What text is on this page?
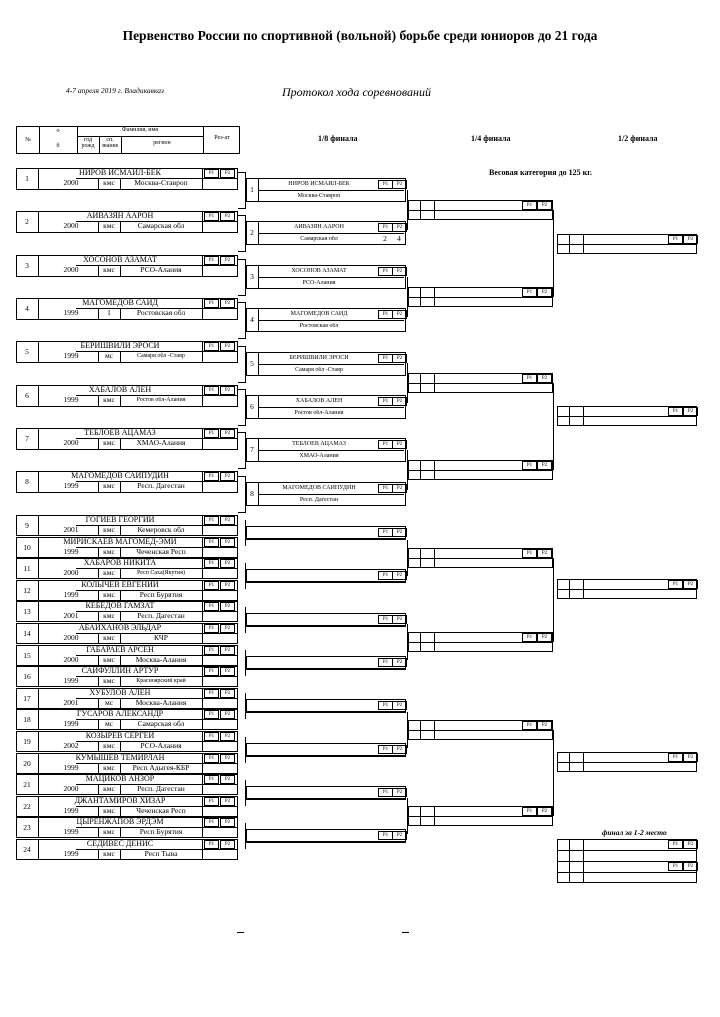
Первенство России по спортивной (вольной) борьбе среди юниоров до 21 года
4-7 апреля 2019 г. Владикавказ	Протокол хода соревнований
№
о
б
Фамилия, имя
год рожд
сп. звание	регион
Рез-ат	1/8 финала	1/4 финала	1/2 финала
Весовая категория до 125 кг.
финал за 1-2 место
1
НИРОВ ИСМАИЛ-БЕК
2000	кмс	Москва-Ставроп
Р1	Р2
2
АЙВАЗЯН ААРОН
2000	кмс	Самарская обл
Р1	Р2
3
ХОСОНОВ АЗАМАТ
2000	кмс	РСО-Алания
Р1	Р2
4
МАГОМЕДОВ САИД
1999	1	Ростовская обл
Р1	Р2
5
БЕРИШВИЛИ ЭРОСИ
1999	мс	Самаря обл -Ставр
Р1	Р2
6
ХАБАЛОВ АЛЕН
1999	кмс	Ростов обл-Алания
Р1	Р2
7
ТЕБЛОЕВ АЦАМАЗ
2000	кмс	ХМАО-Алания
Р1	Р2
8
МАГОМЕДОВ САИПУДИН
1999	кмс	Респ. Дагестан
Р1	Р2
9
ГОГИЕВ ГЕОРГИЙ
2001	кмс	Кемеровск обл
Р1	Р2
10
МИРИСКАЕВ МАГОМЕД-ЭМИ
1999	кмс	Чеченская Респ
Р1	Р2
11
ХАБАРОВ НИКИТА
2000	кмс	Респ Саха(Якутия)
Р1	Р2
12
КОЛЫЧЕВ ЕВГЕНИЙ
1999	кмс	Респ Бурятия
Р1	Р2
13
КЕБЕДОВ ГАМЗАТ
2001	кмс	Респ. Дагестан
Р1	Р2
14
АБАЙХАНОВ ЭЛЬДАР
2000	кмс	КЧР
Р1	Р2
15
ГАБАРАЕВ АРСЕН
2000	кмс	Москва-Алания
Р1	Р2
16
САЙФУЛЛИН АРТУР
1999	кмс	Красноярский край
Р1	Р2
17
ХУБУЛОВ АЛЕН
2001	мс	Москва-Алания
Р1	Р2
18
ГУСАРОВ АЛЕКСАНДР
1999	мс	Самарская обл
Р1	Р2
19
КОЗЫРЕВ СЕРГЕЙ
2002	кмс	РСО-Алания
Р1	Р2
20
КУМЫШЕВ ТЕМИРЛАН
1999	кмс	Респ Адыгея-КБР
Р1	Р2
21
МАЦИКОВ АНЗОР
2000	кмс	Респ. Дагестан
Р1	Р2
22
ДЖАНТАМИРОВ ХИЗАР
1999	кмс	Чеченская Респ
Р1	Р2
23
ЦЫРЕНЖАПОВ ЭРДЭМ
1999	кмс	Респ Бурятия
Р1	Р2
24
СЕДИВЕС ДЕНИС
1999	кмс	Респ Тыва
Р1	Р2
1
НИРОВ ИСМАИЛ-БЕК
Москва-Ставроп
Р1	Р2
2
АЙВАЗЯН ААРОН
Самарская обл
Р1	Р2
2	4
3
ХОСОНОВ АЗАМАТ
РСО-Алания
Р1	Р2
4
МАГОМЕДОВ САИД
Ростовская обл
Р1	Р2
5
БЕРИШВИЛИ ЭРОСИ
Самаря обл -Ставр
Р1	Р2
6
ХАБАЛОВ АЛЕН
Ростов обл-Алания
Р1	Р2
7
ТЕБЛОЕВ АЦАМАЗ
ХМАО-Алания
Р1	Р2
8
МАГОМЕДОВ САИПУДИН
Респ. Дагестан
Р1	Р2
Р1	Р2
Р1	Р2
Р1	Р2
Р1	Р2
Р1	Р2
Р1	Р2
Р1	Р2
Р1	Р2
Р1	Р2
Р1	Р2
Р1	Р2
Р1	Р2
Р1	Р2
Р1	Р2
Р1	Р2
Р1	Р2
Р1	Р2
Р1	Р2
Р1	Р2
Р1	Р2
Р1	Р2
Р1	Р2
